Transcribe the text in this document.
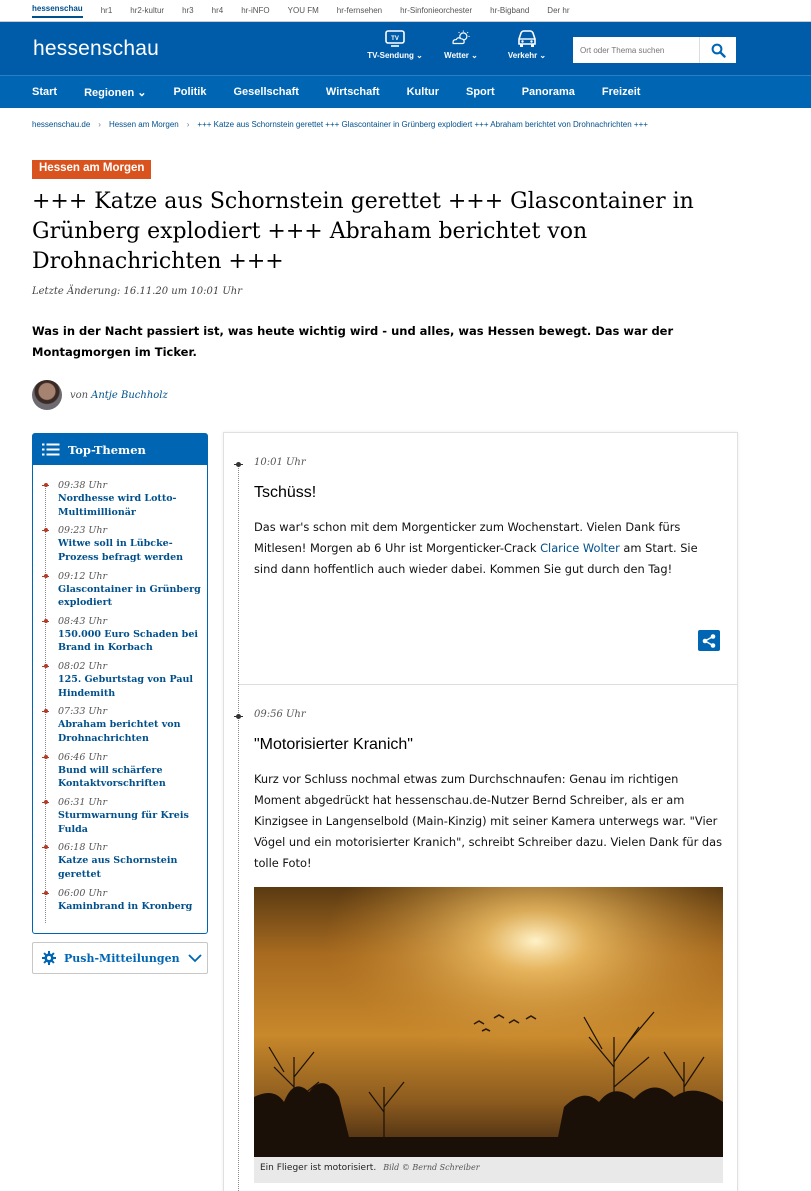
hessenschau hr1 hr2-kultur hr3 hr4 hr-iNFO YOU FM hr-fernsehen hr-Sinfonieorchester hr-Bigband Der hr
hessenschau	TV
TV-Sendung ⌄	Wetter ⌄	Verkehr ⌄
Ort oder Thema suchen
Start Regionen ⌄ Politik Gesellschaft Wirtschaft Kultur Sport Panorama Freizeit
hessenschau.de › Hessen am Morgen › +++ Katze aus Schornstein gerettet +++ Glascontainer in Grünberg explodiert +++ Abraham berichtet von Drohnachrichten +++
Hessen am Morgen
+++ Katze aus Schornstein gerettet +++ Glascontainer in Grünberg explodiert +++ Abraham berichtet von Drohnachrichten +++
Letzte Änderung: 16.11.20 um 10:01 Uhr

Was in der Nacht passiert ist, was heute wichtig wird - und alles, was Hessen bewegt. Das war der Montagmorgen im Ticker.

von Antje Buchholz
Top-Themen
09:38 Uhr
Nordhesse wird Lotto-Multimillionär
09:23 Uhr
Witwe soll in Lübcke-Prozess befragt werden
09:12 Uhr
Glascontainer in Grünberg explodiert
08:43 Uhr
150.000 Euro Schaden bei Brand in Korbach
08:02 Uhr
125. Geburtstag von Paul Hindemith
07:33 Uhr
Abraham berichtet von Drohnachrichten
06:46 Uhr
Bund will schärfere Kontaktvorschriften
06:31 Uhr
Sturmwarnung für Kreis Fulda
06:18 Uhr
Katze aus Schornstein gerettet
06:00 Uhr
Kaminbrand in Kronberg
Push-Mitteilungen
10:01 Uhr
Tschüss!
Das war's schon mit dem Morgenticker zum Wochenstart. Vielen Dank fürs Mitlesen! Morgen ab 6 Uhr ist Morgenticker-Crack Clarice Wolter am Start. Sie sind dann hoffentlich auch wieder dabei. Kommen Sie gut durch den Tag!
09:56 Uhr
"Motorisierter Kranich"
Kurz vor Schluss nochmal etwas zum Durchschnaufen: Genau im richtigen Moment abgedrückt hat hessenschau.de-Nutzer Bernd Schreiber, als er am Kinzigsee in Langenselbold (Main-Kinzig) mit seiner Kamera unterwegs war. "Vier Vögel und ein motorisierter Kranich", schreibt Schreiber dazu. Vielen Dank für das tolle Foto!
Ein Flieger ist motorisiert. Bild © Bernd Schreiber
